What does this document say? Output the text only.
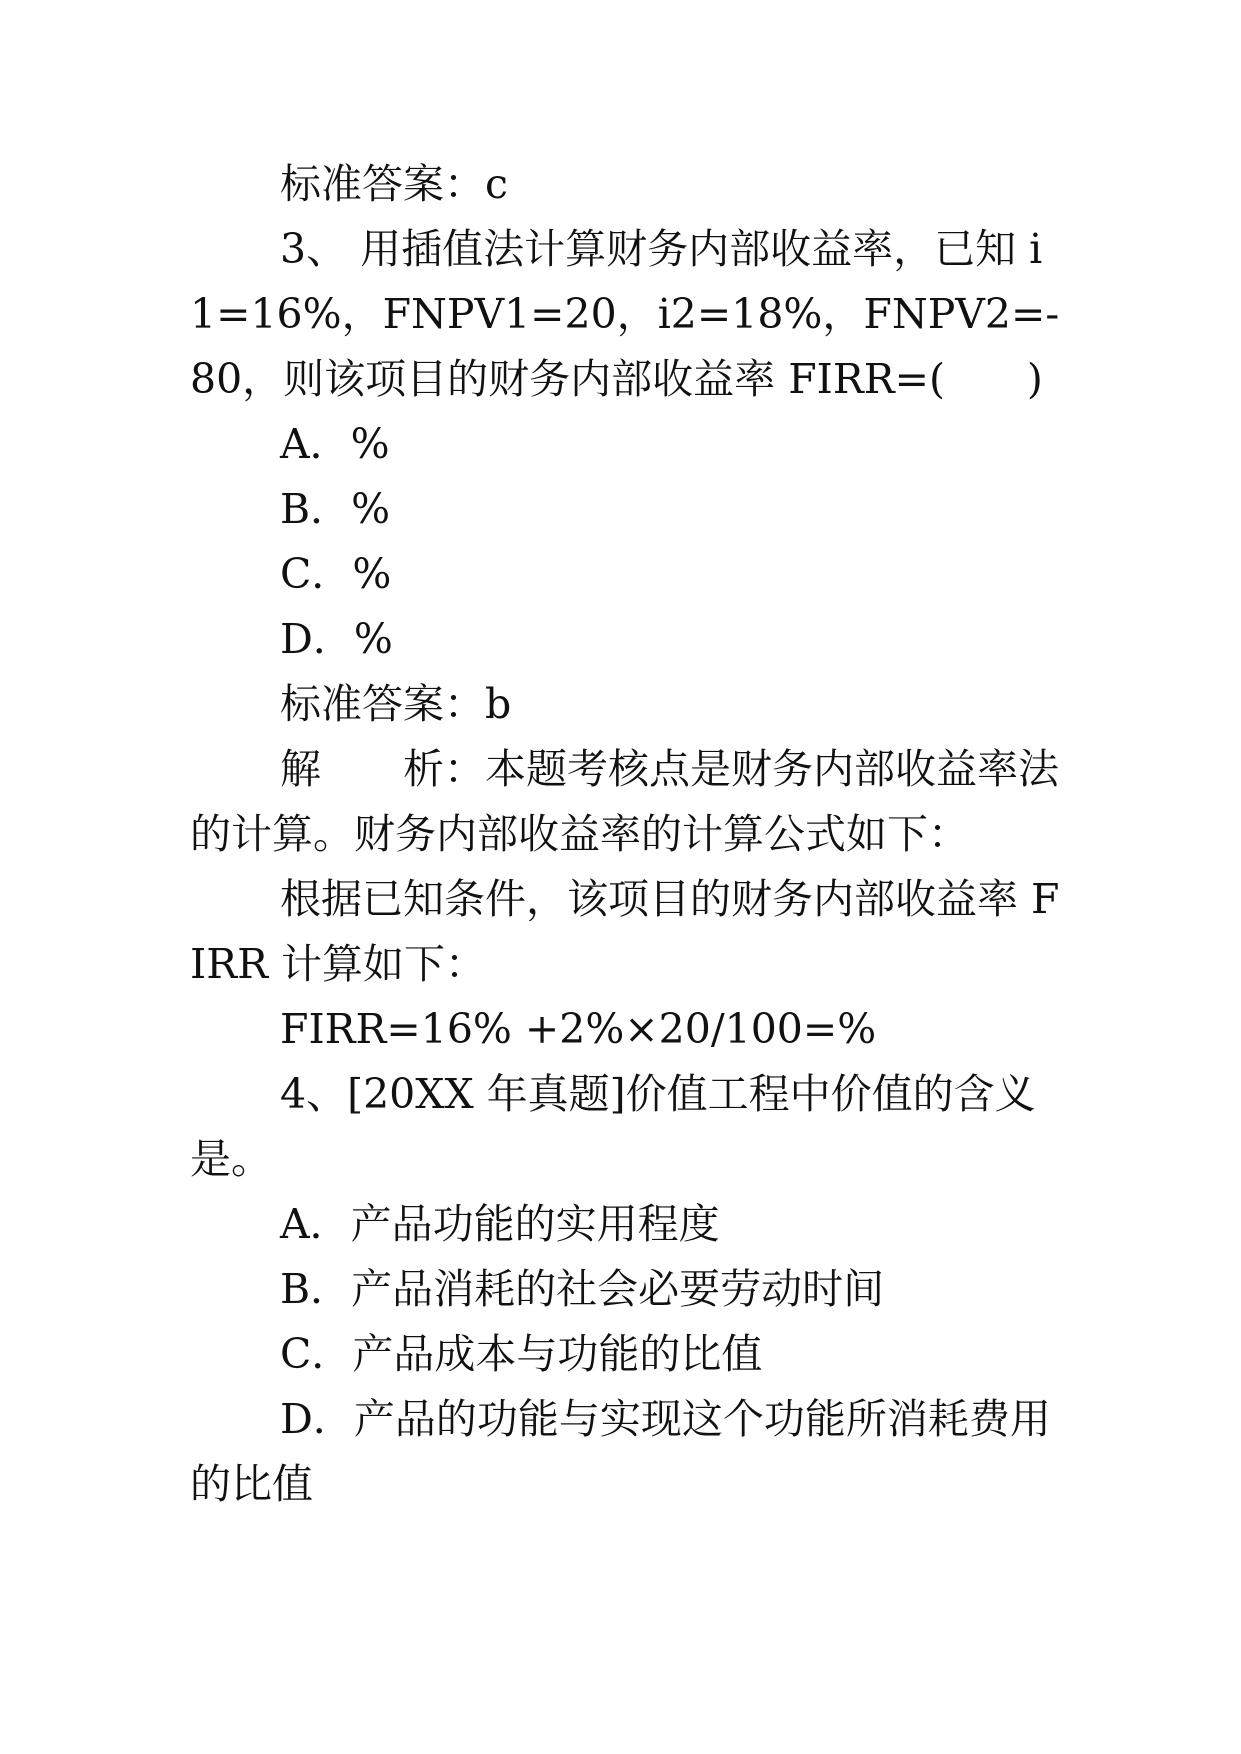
标准答案：c

3、 用插值法计算财务内部收益率，已知 i1=16%，FNPV1=20，i2=18%，FNPV2=-80，则该项目的财务内部收益率 FIRR=(　　)

A．%

B．%

C．%

D．%

标准答案：b

解　　析：本题考核点是财务内部收益率法的计算。财务内部收益率的计算公式如下：

根据已知条件，该项目的财务内部收益率 FIRR 计算如下：

FIRR=16% +2%×20/100=%

4、[20XX 年真题]价值工程中价值的含义是。

A．产品功能的实用程度

B．产品消耗的社会必要劳动时间

C．产品成本与功能的比值

D．产品的功能与实现这个功能所消耗费用的比值
